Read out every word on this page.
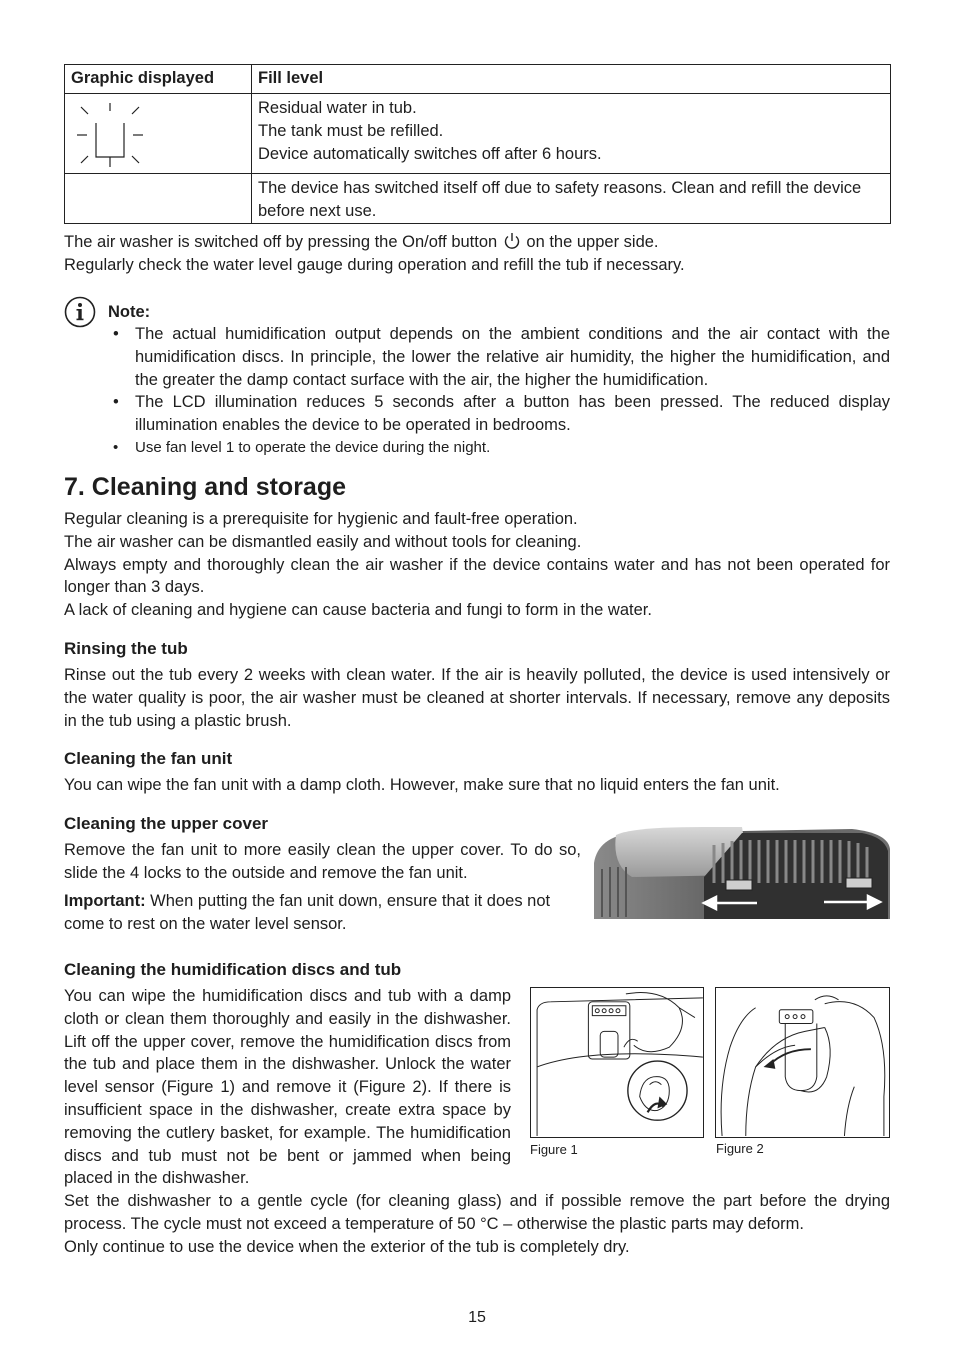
Graphic displayed	Fill level
Residual water in tub.
The tank must be refilled.
Device automatically switches off after 6 hours.
The device has switched itself off due to safety reasons. Clean and refill the device before next use.
The air washer is switched off by pressing the On/off button on the upper side.
Regularly check the water level gauge during operation and refill the tub if necessary.
Note:
• The actual humidification output depends on the ambient conditions and the air contact with the humidification discs. In principle, the lower the relative air humidity, the higher the humidification, and the greater the damp contact surface with the air, the higher the humidification.
• The LCD illumination reduces 5 seconds after a button has been pressed. The reduced display illumination enables the device to be operated in bedrooms.
• Use fan level 1 to operate the device during the night.
7. Cleaning and storage
Regular cleaning is a prerequisite for hygienic and fault-free operation.
The air washer can be dismantled easily and without tools for cleaning.
Always empty and thoroughly clean the air washer if the device contains water and has not been operated for longer than 3 days.
A lack of cleaning and hygiene can cause bacteria and fungi to form in the water.
Rinsing the tub
Rinse out the tub every 2 weeks with clean water. If the air is heavily polluted, the device is used intensively or the water quality is poor, the air washer must be cleaned at shorter intervals. If necessary, remove any deposits in the tub using a plastic brush.
Cleaning the fan unit
You can wipe the fan unit with a damp cloth. However, make sure that no liquid enters the fan unit.
Cleaning the upper cover
Remove the fan unit to more easily clean the upper cover. To do so, slide the 4 locks to the outside and remove the fan unit.
Important: When putting the fan unit down, ensure that it does not come to rest on the water level sensor.
Cleaning the humidification discs and tub
You can wipe the humidification discs and tub with a damp cloth or clean them thoroughly and easily in the dishwasher. Lift off the upper cover, remove the humidification discs from the tub and place them in the dishwasher. Unlock the water level sensor (Figure 1) and remove it (Figure 2). If there is insufficient space in the dishwasher, create extra space by removing the cutlery basket, for example. The humidification discs and tub must not be bent or jammed when being placed in the dishwasher.
Figure 1	Figure 2
Set the dishwasher to a gentle cycle (for cleaning glass) and if possible remove the part before the drying process. The cycle must not exceed a temperature of 50 °C – otherwise the plastic parts may deform.
Only continue to use the device when the exterior of the tub is completely dry.
15
